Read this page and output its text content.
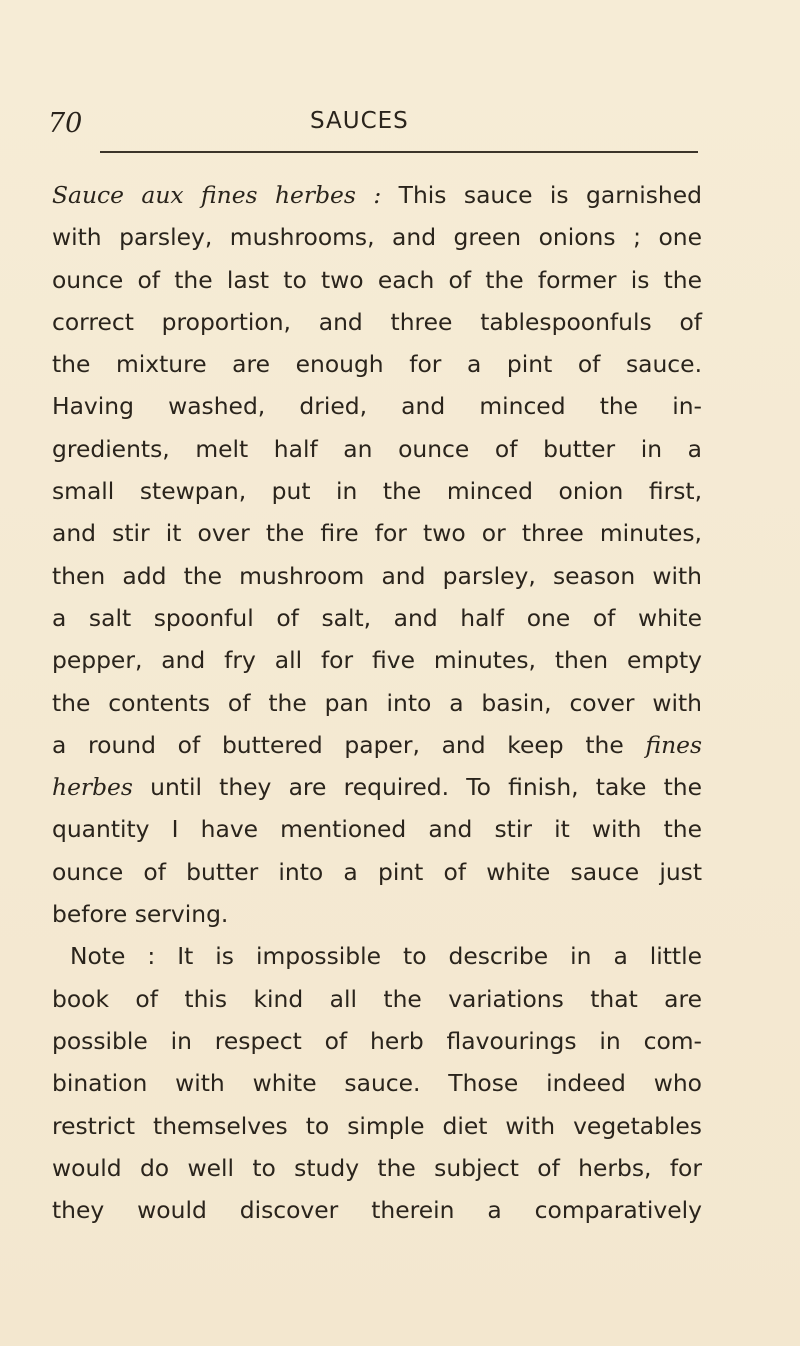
70	SAUCES
Sauce aux fines herbes : This sauce is garnished
with parsley, mushrooms, and green onions ; one
ounce of the last to two each of the former is the
correct proportion, and three tablespoonfuls of
the mixture are enough for a pint of sauce.
Having washed, dried, and minced the in-
gredients, melt half an ounce of butter in a
small stewpan, put in the minced onion first,
and stir it over the fire for two or three minutes,
then add the mushroom and parsley, season with
a salt spoonful of salt, and half one of white
pepper, and fry all for five minutes, then empty
the contents of the pan into a basin, cover with
a round of buttered paper, and keep the fines
herbes until they are required. To finish, take the
quantity I have mentioned and stir it with the
ounce of butter into a pint of white sauce just
before serving.
Note : It is impossible to describe in a little
book of this kind all the variations that are
possible in respect of herb flavourings in com-
bination with white sauce. Those indeed who
restrict themselves to simple diet with vegetables
would do well to study the subject of herbs, for
they would discover therein a comparatively
